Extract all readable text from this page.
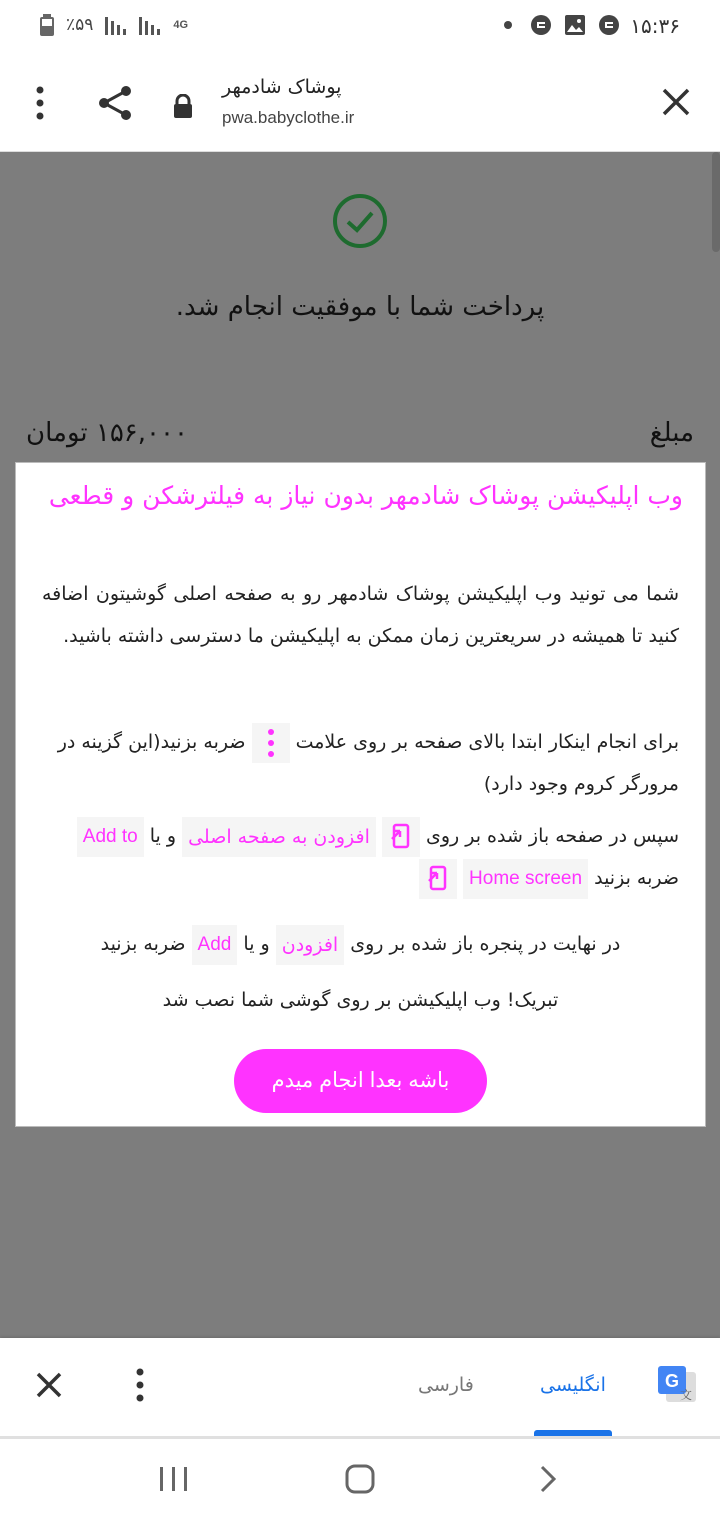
٪۵۹	4G	۱۵:۳۶
پوشاک شادمهر
pwa.babyclothe.ir
پرداخت شما با موفقیت انجام شد.
مبلغ
۱۵۶,۰۰۰ تومان
وب اپلیکیشن پوشاک شادمهر بدون نیاز به فیلترشکن و قطعی

شما می تونید وب اپلیکیشن پوشاک شادمهر رو به صفحه اصلی گوشیتون اضافه کنید تا همیشه در سریعترین زمان ممکن به اپلیکیشن ما دسترسی داشته باشید.

برای انجام اینکار ابتدا بالای صفحه بر روی علامت
ضربه بزنید(این گزینه در مرورگر کروم وجود دارد)

سپس در صفحه باز شده بر روی  افزودن به صفحه اصلی و یا Add to
ضربه بزنید Home screen

در نهایت در پنجره باز شده بر روی افزودن و یا Add ضربه بزنید

تبریک! وب اپلیکیشن بر روی گوشی شما نصب شد

باشه بعدا انجام میدم
فارسی	انگلیسی	G
文
